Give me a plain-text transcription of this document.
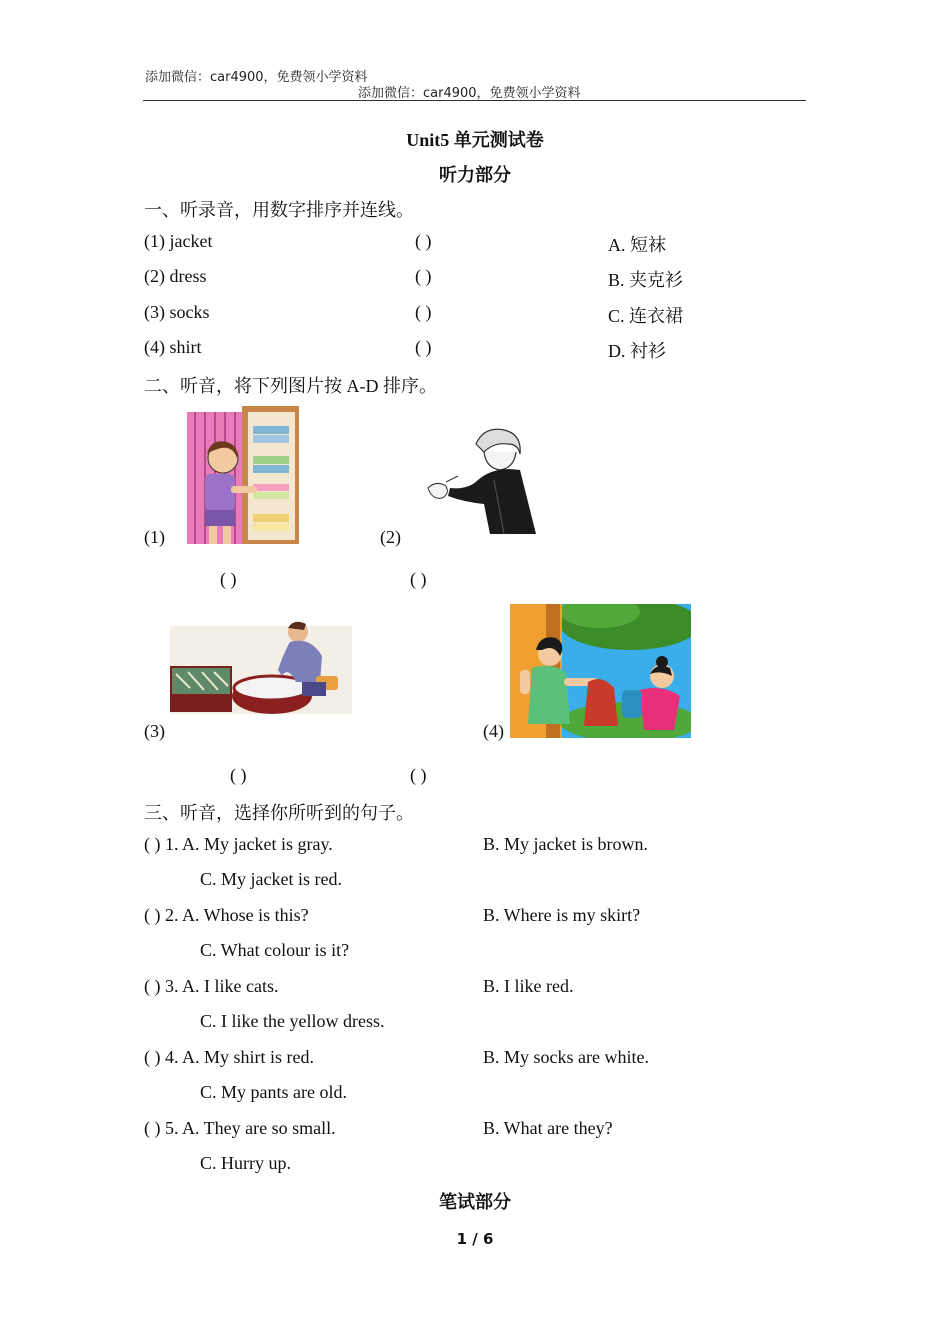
添加微信：car4900，免费领小学资料
添加微信：car4900，免费领小学资料
Unit5 单元测试卷
听力部分
一、听录音，用数字排序并连线。
(1) jacket	( )	A. 短袜
(2) dress	( )	B. 夹克衫
(3) socks	( )	C. 连衣裙
(4) shirt	( )	D. 衬衫
二、听音，将下列图片按 A-D 排序。
(1)	(2)
( )	( )
(3)	(4)
( )	( )
三、听音，选择你所听到的句子。
( ) 1. A. My jacket is gray.	B. My jacket is brown.
C. My jacket is red.
( ) 2. A. Whose is this?	B. Where is my skirt?
C. What colour is it?
( ) 3. A. I like cats.	B. I like red.
C. I like the yellow dress.
( ) 4. A. My shirt is red.	B. My socks are white.
C. My pants are old.
( ) 5. A. They are so small.	B. What are they?
C. Hurry up.
笔试部分
1 / 6
